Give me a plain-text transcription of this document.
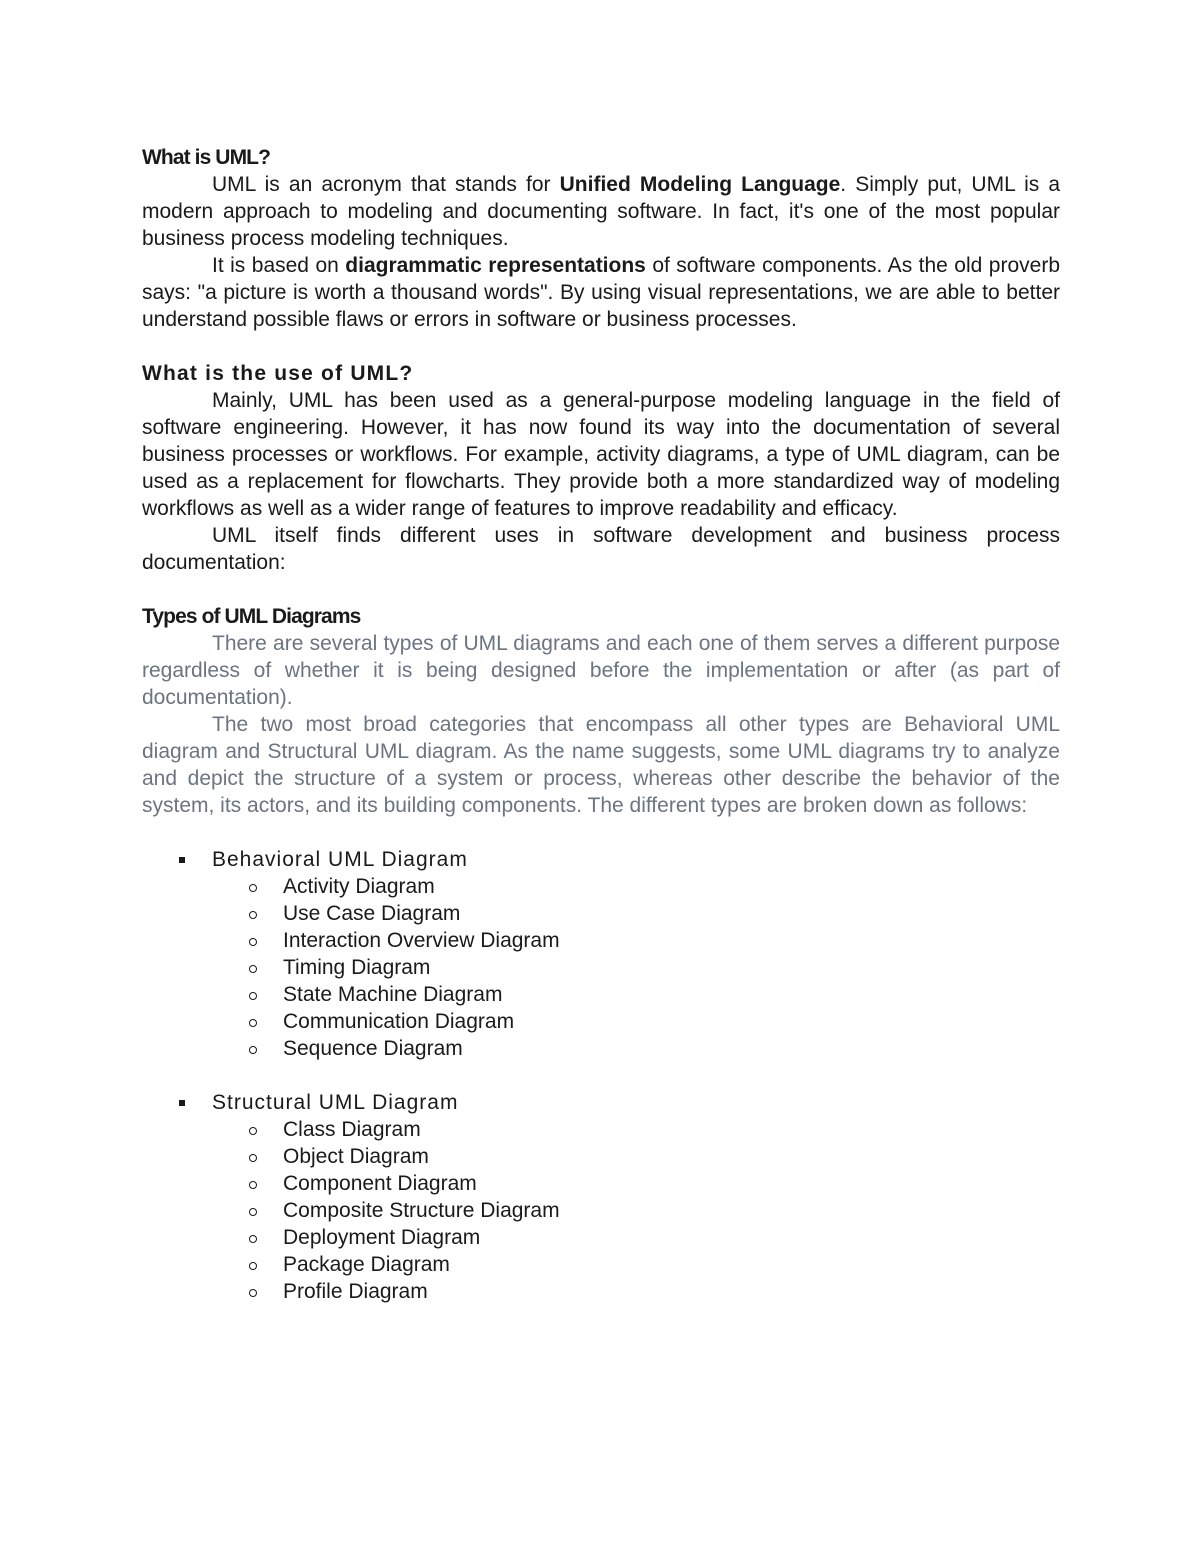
What is UML?

UML is an acronym that stands for Unified Modeling Language. Simply put, UML is a modern approach to modeling and documenting software. In fact, it's one of the most popular business process modeling techniques.

It is based on diagrammatic representations of software components. As the old proverb says: "a picture is worth a thousand words". By using visual representations, we are able to better understand possible flaws or errors in software or business processes.

What is the use of UML?

Mainly, UML has been used as a general-purpose modeling language in the field of software engineering. However, it has now found its way into the documentation of several business processes or workflows. For example, activity diagrams, a type of UML diagram, can be used as a replacement for flowcharts. They provide both a more standardized way of modeling workflows as well as a wider range of features to improve readability and efficacy.

UML itself finds different uses in software development and business process documentation:

Types of UML Diagrams

There are several types of UML diagrams and each one of them serves a different purpose regardless of whether it is being designed before the implementation or after (as part of documentation).

The two most broad categories that encompass all other types are Behavioral UML diagram and Structural UML diagram. As the name suggests, some UML diagrams try to analyze and depict the structure of a system or process, whereas other describe the behavior of the system, its actors, and its building components. The different types are broken down as follows:

Behavioral UML Diagram
Activity Diagram
Use Case Diagram
Interaction Overview Diagram
Timing Diagram
State Machine Diagram
Communication Diagram
Sequence Diagram
Structural UML Diagram
Class Diagram
Object Diagram
Component Diagram
Composite Structure Diagram
Deployment Diagram
Package Diagram
Profile Diagram
